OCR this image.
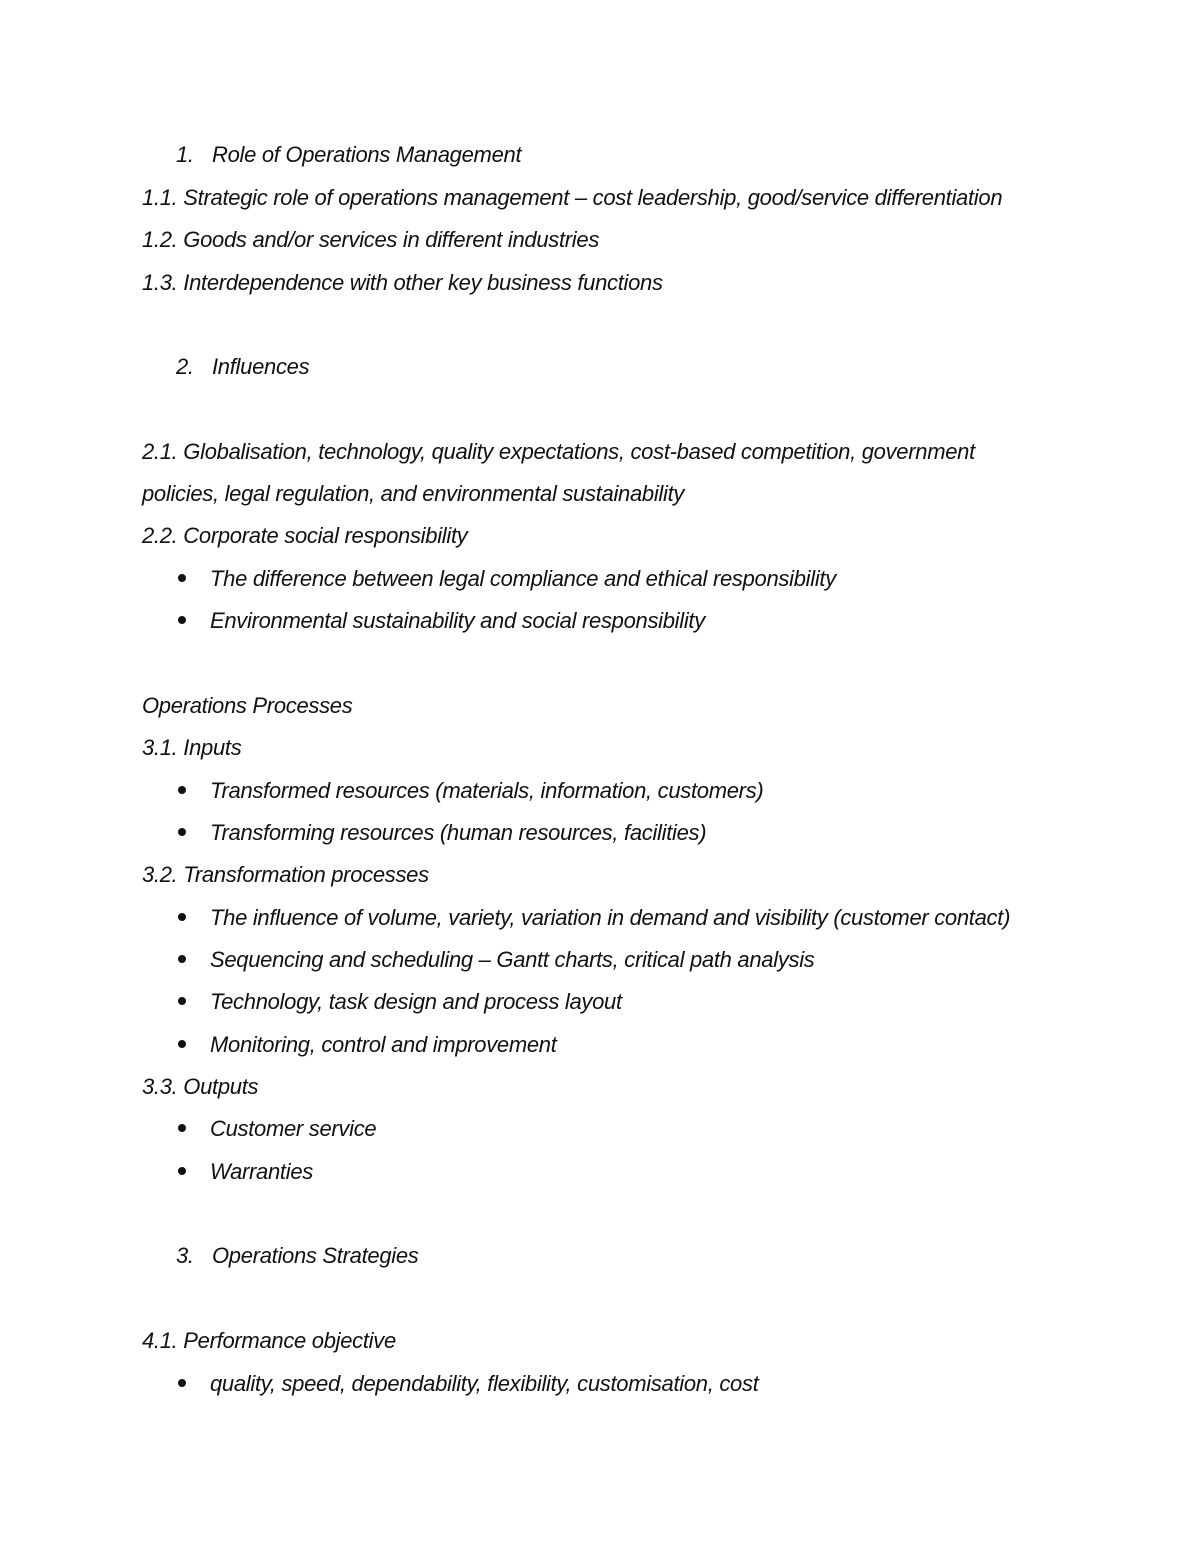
1. Role of Operations Management
1.1. Strategic role of operations management – cost leadership, good/service differentiation
1.2. Goods and/or services in different industries
1.3. Interdependence with other key business functions
2. Influences
2.1. Globalisation, technology, quality expectations, cost-based competition, government
policies, legal regulation, and environmental sustainability
2.2. Corporate social responsibility
The difference between legal compliance and ethical responsibility
Environmental sustainability and social responsibility
Operations Processes
3.1. Inputs
Transformed resources (materials, information, customers)
Transforming resources (human resources, facilities)
3.2. Transformation processes
The influence of volume, variety, variation in demand and visibility (customer contact)
Sequencing and scheduling – Gantt charts, critical path analysis
Technology, task design and process layout
Monitoring, control and improvement
3.3. Outputs
Customer service
Warranties
3. Operations Strategies
4.1. Performance objective
quality, speed, dependability, flexibility, customisation, cost
